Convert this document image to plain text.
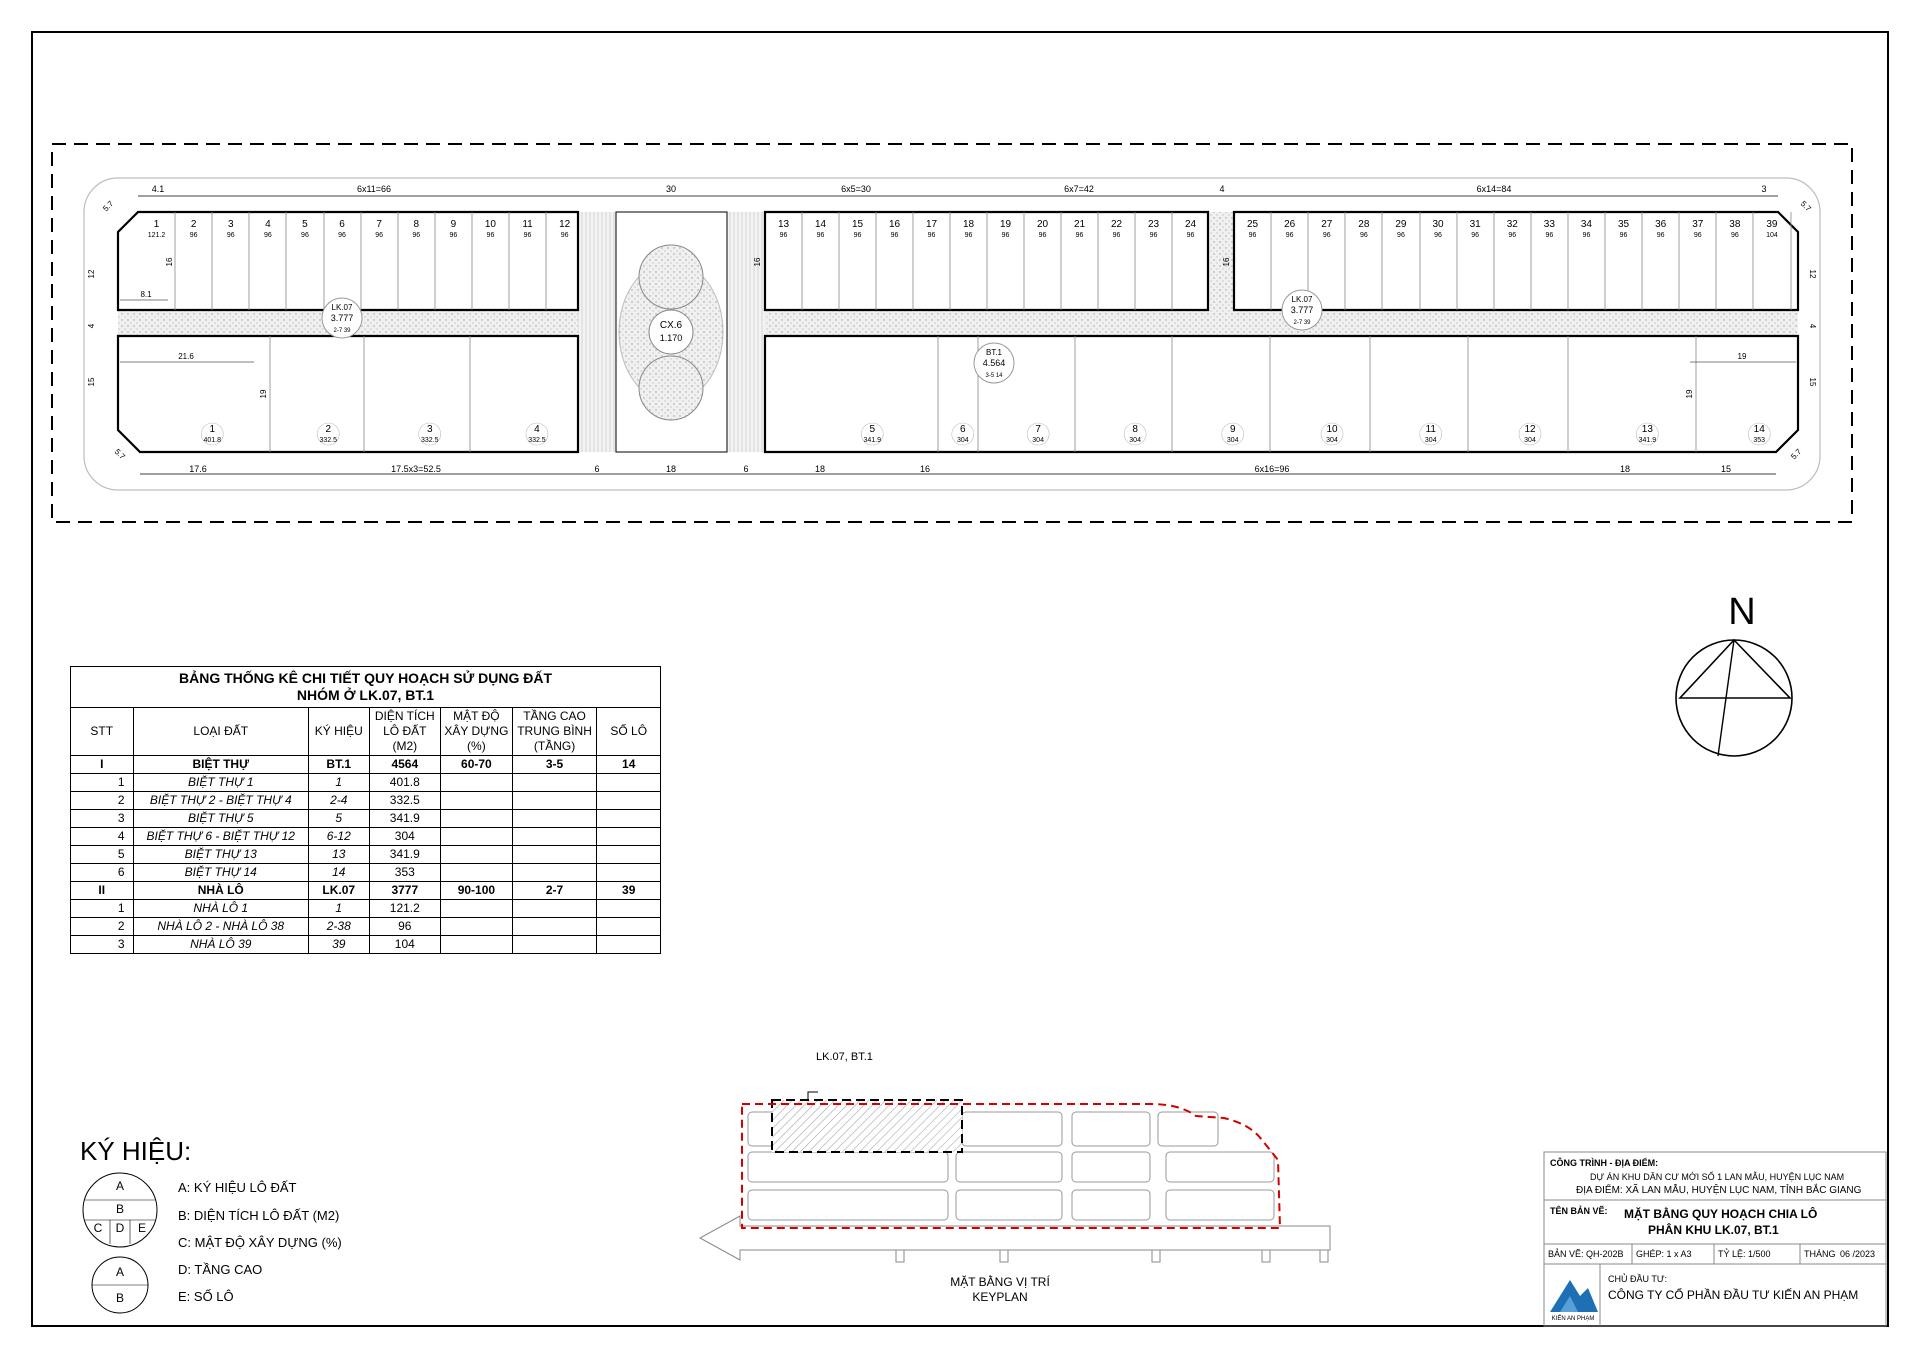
1
121.2
2
96
3
96
4
96
5
96
6
96
7
96
8
96
9
96
10
96
11
96
12
96
13
96
14
96
15
96
16
96
17
96
18
96
19
96
20
96
21
96
22
96
23
96
24
96
25
96
26
96
27
96
28
96
29
96
30
96
31
96
32
96
33
96
34
96
35
96
36
96
37
96
38
96
39
104
1
401.8
2
332.5
3
332.5
4
332.5
5
341.9
6
304
7
304
8
304
9
304
10
304
11
304
12
304
13
341.9
14
353
LK.07
3.777
2-7 39	CX.6
1.170
BT.1
4.564
3-5 14
LK.07
3.777
2-7 39
4.1	6x11=66	30	6x5=30	6x7=42	4	6x14=84	3
17.6	17.5x3=52.5	6	18	6	18	16	6x16=96	18	15
5.7	5.7
5.7	5.7
12
4
15
12
4
15
16
8.1
21.6
19
16	16
19
19
N
A
B
C D E
A
B
LK.07, BT.1
MẶT BẰNG VỊ TRÍ
KEYPLAN
KIẾN AN PHẠM
BẢNG THỐNG KÊ CHI TIẾT QUY HOẠCH SỬ DỤNG ĐẤT
NHÓM Ở LK.07, BT.1						

STT	LOẠI ĐẤT	KÝ HIỆU	DIỆN TÍCH LÔ ĐẤT (M2)	MẬT ĐỘ XÂY DỰNG (%)	TẦNG CAO TRUNG BÌNH (TẦNG)	SỐ LÔ
I	BIỆT THỰ	BT.1	4564	60-70	3-5	14
1	BIỆT THỰ 1	1	401.8			
2	BIỆT THỰ 2 - BIỆT THỰ 4	2-4	332.5			
3	BIỆT THỰ 5	5	341.9			
4	BIỆT THỰ 6 - BIỆT THỰ 12	6-12	304			
5	BIỆT THỰ 13	13	341.9			
6	BIỆT THỰ 14	14	353			
II	NHÀ LÔ	LK.07	3777	90-100	2-7	39
1	NHÀ LÔ 1	1	121.2			
2	NHÀ LÔ 2 - NHÀ LÔ 38	2-38	96			
3	NHÀ LÔ 39	39	104			
KÝ HIỆU:
A: KÝ HIỆU LÔ ĐẤT
B: DIỆN TÍCH LÔ ĐẤT (M2)
C: MẬT ĐỘ XÂY DỰNG (%)
D: TẦNG CAO
E: SỐ LÔ
CÔNG TRÌNH - ĐỊA ĐIỂM:
DỰ ÁN KHU DÂN CƯ MỚI SỐ 1 LAN MẪU, HUYỆN LỤC NAM
ĐỊA ĐIỂM: XÃ LAN MẪU, HUYỆN LỤC NAM, TỈNH BẮC GIANG
TÊN BẢN VẼ: MẶT BẰNG QUY HOẠCH CHIA LÔ
PHÂN KHU LK.07, BT.1
BẢN VẼ: QH-202B GHÉP: 1 x A3	TỶ LỆ: 1/500	THÁNG 06 /2023
CHỦ ĐẦU TƯ:
CÔNG TY CỔ PHẦN ĐẦU TƯ KIẾN AN PHẠM
